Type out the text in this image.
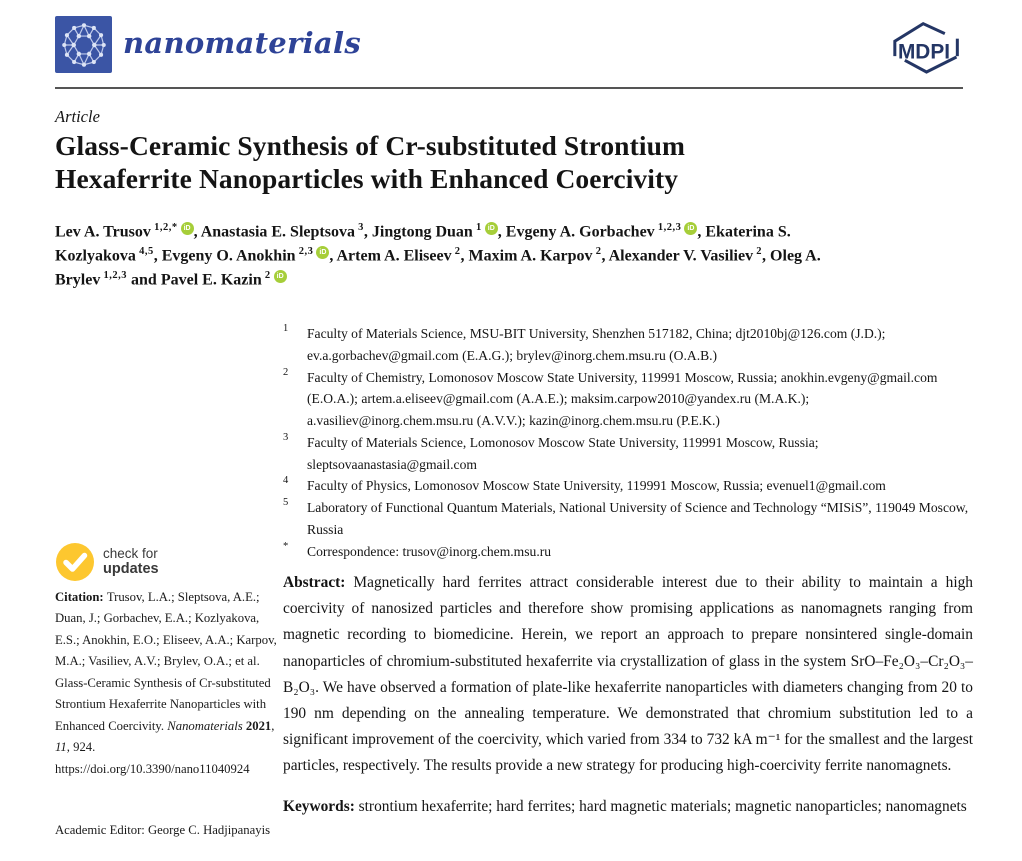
nanomaterials	MDPI
Article
Glass-Ceramic Synthesis of Cr-substituted Strontium Hexaferrite Nanoparticles with Enhanced Coercivity
Lev A. Trusov  $^{1,2,*}$ iD , Anastasia E. Sleptsova  $^3$, Jingtong Duan  $^1$ iD , Evgeny A. Gorbachev  $^{1,2,3}$ iD , Ekaterina S. Kozlyakova  $^{4,5}$, Evgeny O. Anokhin  $^{2,3}$ iD , Artem A. Eliseev  $^2$, Maxim A. Karpov  $^2$, Alexander V. Vasiliev  $^2$, Oleg A. Brylev  $^{1,2,3}$ and Pavel E. Kazin  $^2$ iD
1	Faculty of Materials Science, MSU-BIT University, Shenzhen 517182, China; djt2010bj@126.com (J.D.); ev.a.gorbachev@gmail.com (E.A.G.); brylev@inorg.chem.msu.ru (O.A.B.)
2	Faculty of Chemistry, Lomonosov Moscow State University, 119991 Moscow, Russia; anokhin.evgeny@gmail.com (E.O.A.); artem.a.eliseev@gmail.com (A.A.E.); maksim.carpow2010@yandex.ru (M.A.K.); a.vasiliev@inorg.chem.msu.ru (A.V.V.); kazin@inorg.chem.msu.ru (P.E.K.)
3	Faculty of Materials Science, Lomonosov Moscow State University, 119991 Moscow, Russia; sleptsovaanastasia@gmail.com
4	Faculty of Physics, Lomonosov Moscow State University, 119991 Moscow, Russia; evenuel1@gmail.com
5	Laboratory of Functional Quantum Materials, National University of Science and Technology “MISiS”, 119049 Moscow, Russia
*	Correspondence: trusov@inorg.chem.msu.ru
check for
updates
Citation: Trusov, L.A.; Sleptsova, A.E.; Duan, J.; Gorbachev, E.A.; Kozlyakova, E.S.; Anokhin, E.O.; Eliseev, A.A.; Karpov, M.A.; Vasiliev, A.V.; Brylev, O.A.; et al. Glass-Ceramic Synthesis of Cr-substituted Strontium Hexaferrite Nanoparticles with Enhanced Coercivity. Nanomaterials 2021, 11, 924. https://doi.org/10.3390/nano11040924
Academic Editor: George C. Hadjipanayis
Abstract: Magnetically hard ferrites attract considerable interest due to their ability to maintain a high coercivity of nanosized particles and therefore show promising applications as nanomagnets ranging from magnetic recording to biomedicine. Herein, we report an approach to prepare nonsintered single-domain nanoparticles of chromium-substituted hexaferrite via crystallization of glass in the system SrO–Fe₂O₃–Cr₂O₃–B₂O₃. We have observed a formation of plate-like hexaferrite nanoparticles with diameters changing from 20 to 190 nm depending on the annealing temperature. We demonstrated that chromium substitution led to a significant improvement of the coercivity, which varied from 334 to 732 kA m⁻¹ for the smallest and the largest particles, respectively. The results provide a new strategy for producing high-coercivity ferrite nanomagnets.
Keywords: strontium hexaferrite; hard ferrites; hard magnetic materials; magnetic nanoparticles; nanomagnets
